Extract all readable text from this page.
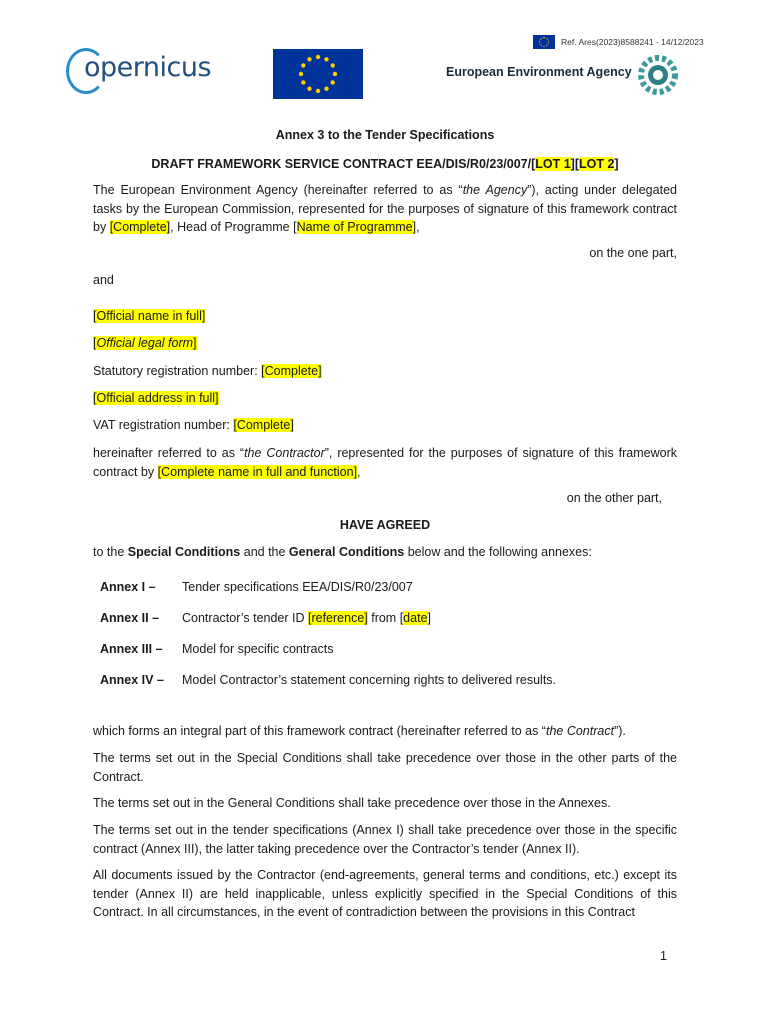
Ref. Ares(2023)8588241 - 14/12/2023
opernicus	European Environment Agency
Annex 3 to the Tender Specifications
DRAFT FRAMEWORK SERVICE CONTRACT EEA/DIS/R0/23/007/[LOT 1][LOT 2]
The European Environment Agency (hereinafter referred to as “the Agency”), acting under delegated tasks by the European Commission, represented for the purposes of signature of this framework contract by [Complete], Head of Programme [Name of Programme],
on the one part,
and
[Official name in full]
[Official legal form]
Statutory registration number: [Complete]
[Official address in full]
VAT registration number: [Complete]
hereinafter referred to as “the Contractor”, represented for the purposes of signature of this framework contract by [Complete name in full and function],
on the other part,
HAVE AGREED
to the Special Conditions and the General Conditions below and the following annexes:
Annex I –	Tender specifications EEA/DIS/R0/23/007
Annex II –	Contractor’s tender ID [reference] from [date]
Annex III –	Model for specific contracts
Annex IV –	Model Contractor’s statement concerning rights to delivered results.
which forms an integral part of this framework contract (hereinafter referred to as “the Contract”).
The terms set out in the Special Conditions shall take precedence over those in the other parts of the Contract.
The terms set out in the General Conditions shall take precedence over those in the Annexes.
The terms set out in the tender specifications (Annex I) shall take precedence over those in the specific contract (Annex III), the latter taking precedence over the Contractor’s tender (Annex II).
All documents issued by the Contractor (end-agreements, general terms and conditions, etc.) except its tender (Annex II) are held inapplicable, unless explicitly specified in the Special Conditions of this Contract. In all circumstances, in the event of contradiction between the provisions in this Contract
1
